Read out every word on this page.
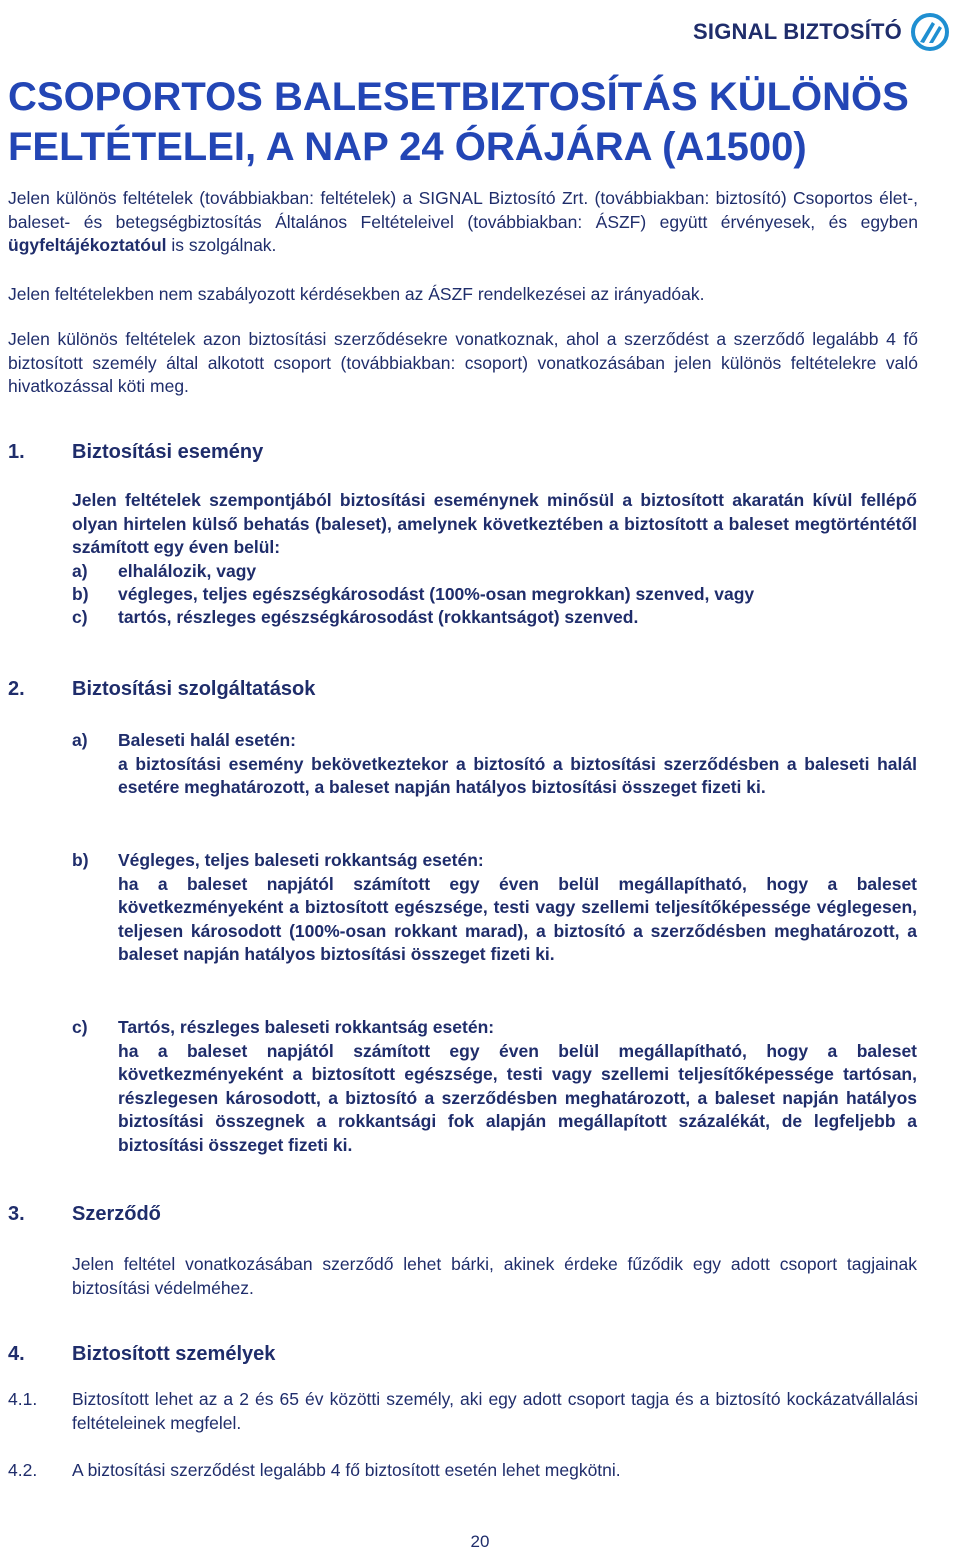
SIGNAL BIZTOSÍTÓ
CSOPORTOS BALESETBIZTOSÍTÁS KÜLÖNÖS
FELTÉTELEI, A NAP 24 ÓRÁJÁRA (A1500)

Jelen különös feltételek (továbbiakban: feltételek) a SIGNAL Biztosító Zrt. (továbbiakban: biztosító) Csoportos élet-, baleset- és betegségbiztosítás Általános Feltételeivel (továbbiakban: ÁSZF) együtt érvényesek, és egyben ügyfeltájékoztatóul is szolgálnak.

Jelen feltételekben nem szabályozott kérdésekben az ÁSZF rendelkezései az irányadóak.

Jelen különös feltételek azon biztosítási szerződésekre vonatkoznak, ahol a szerződést a szerződő legalább 4 fő biztosított személy által alkotott csoport (továbbiakban: csoport) vonatkozásában jelen különös feltételekre való hivatkozással köti meg.

1.	Biztosítási esemény

Jelen feltételek szempontjából biztosítási eseménynek minősül a biztosított akaratán kívül fellépő olyan hirtelen külső behatás (baleset), amelynek következtében a biztosított a baleset megtörténtétől számított egy éven belül:

a)	elhalálozik, vagy
b)	végleges, teljes egészségkárosodást (100%-osan megrokkan) szenved, vagy
c)	tartós, részleges egészségkárosodást (rokkantságot) szenved.
2.	Biztosítási szolgáltatások
a)	Baleseti halál esetén:

a biztosítási esemény bekövetkeztekor a biztosító a biztosítási szerződésben a baleseti halál esetére meghatározott, a baleset napján hatályos biztosítási összeget fizeti ki.

b)	Végleges, teljes baleseti rokkantság esetén:

ha a baleset napjától számított egy éven belül megállapítható, hogy a baleset következményeként a biztosított egészsége, testi vagy szellemi teljesítőképessége véglegesen, teljesen károsodott (100%-osan rokkant marad), a biztosító a szerződésben meghatározott, a baleset napján hatályos biztosítási összeget fizeti ki.

c)	Tartós, részleges baleseti rokkantság esetén:

ha a baleset napjától számított egy éven belül megállapítható, hogy a baleset következményeként a biztosított egészsége, testi vagy szellemi teljesítőképessége tartósan, részlegesen károsodott, a biztosító a szerződésben meghatározott, a baleset napján hatályos biztosítási összegnek a rokkantsági fok alapján megállapított százalékát, de legfeljebb a biztosítási összeget fizeti ki.

3.	Szerződő

Jelen feltétel vonatkozásában szerződő lehet bárki, akinek érdeke fűződik egy adott csoport tagjainak biztosítási védelméhez.

4.	Biztosított személyek
4.1.	Biztosított lehet az a 2 és 65 év közötti személy, aki egy adott csoport tagja és a biztosító kockázatvállalási feltételeinek megfelel.
4.2.	A biztosítási szerződést legalább 4 fő biztosított esetén lehet megkötni.
20
